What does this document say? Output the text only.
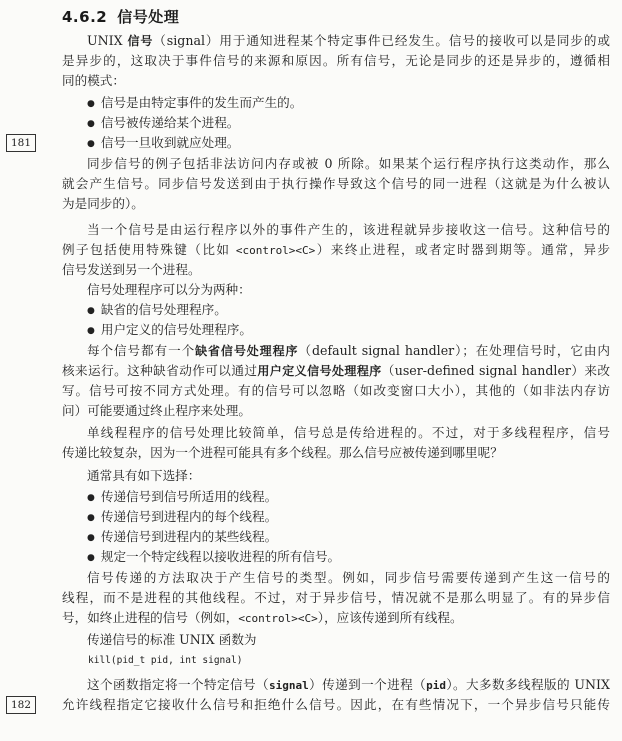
4.6.2 信号处理
UNIX 信号（signal）用于通知进程某个特定事件已经发生。信号的接收可以是同步的或
是异步的，这取决于事件信号的来源和原因。所有信号，无论是同步的还是异步的，遵循相
同的模式：
● 信号是由特定事件的发生而产生的。
● 信号被传递给某个进程。
181
●	信号一旦收到就应处理。
同步信号的例子包括非法访问内存或被 0 所除。如果某个运行程序执行这类动作，那么
就会产生信号。同步信号发送到由于执行操作导致这个信号的同一进程（这就是为什么被认
为是同步的）。
当一个信号是由运行程序以外的事件产生的，该进程就异步接收这一信号。这种信号的
例子包括使用特殊键（比如 <control><C>）来终止进程，或者定时器到期等。通常，异步
信号发送到另一个进程。
信号处理程序可以分为两种：
● 缺省的信号处理程序。
● 用户定义的信号处理程序。
每个信号都有一个缺省信号处理程序（default signal handler）；在处理信号时，它由内
核来运行。这种缺省动作可以通过用户定义信号处理程序（user-defined signal handler）来改
写。信号可按不同方式处理。有的信号可以忽略（如改变窗口大小），其他的（如非法内存访
问）可能要通过终止程序来处理。
单线程程序的信号处理比较简单，信号总是传给进程的。不过，对于多线程程序，信号
传递比较复杂，因为一个进程可能具有多个线程。那么信号应被传递到哪里呢？
通常具有如下选择：
● 传递信号到信号所适用的线程。
● 传递信号到进程内的每个线程。
● 传递信号到进程内的某些线程。
● 规定一个特定线程以接收进程的所有信号。
信号传递的方法取决于产生信号的类型。例如，同步信号需要传递到产生这一信号的
线程，而不是进程的其他线程。不过，对于异步信号，情况就不是那么明显了。有的异步信
号，如终止进程的信号（例如，<control><C>），应该传递到所有线程。
传递信号的标准 UNIX 函数为
kill(pid_t pid, int signal)
这个函数指定将一个特定信号（signal）传递到一个进程（pid）。大多数多线程版的 UNIX
182	允许线程指定它接收什么信号和拒绝什么信号。因此，在有些情况下，一个异步信号只能传
